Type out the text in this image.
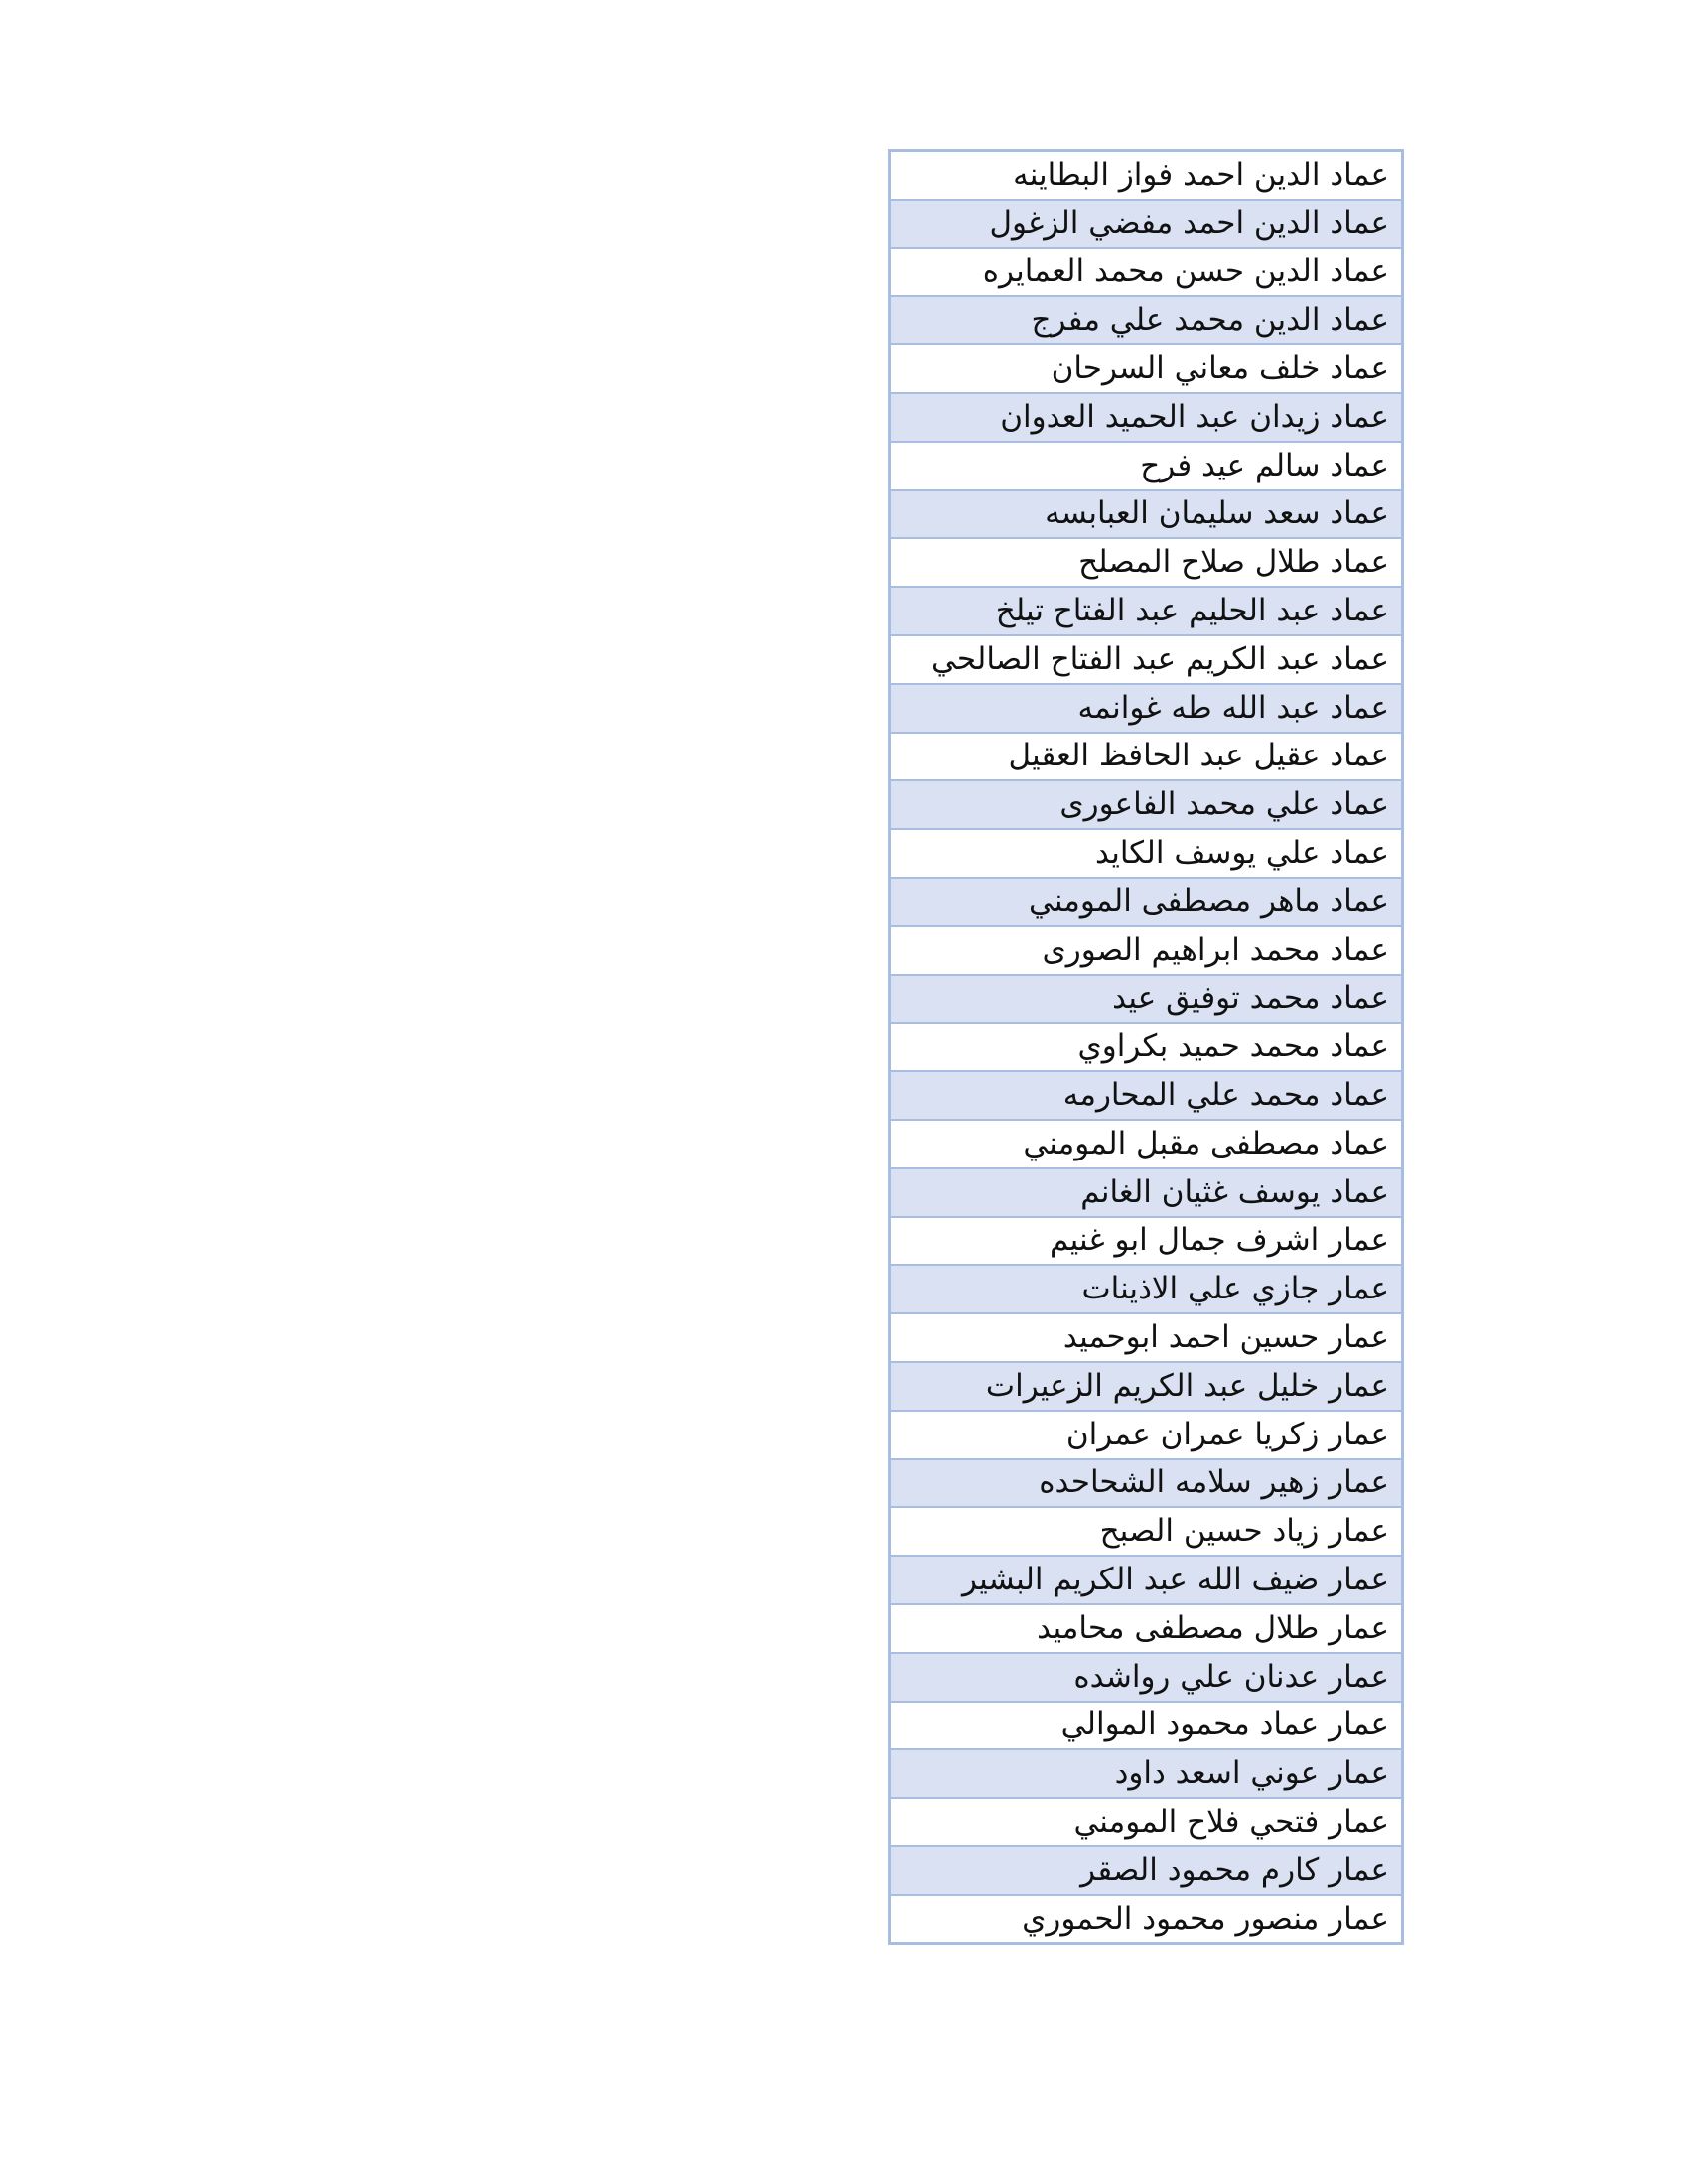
عماد الدين احمد فواز البطاينه
عماد الدين احمد مفضي الزغول
عماد الدين حسن محمد العمايره
عماد الدين محمد علي مفرج
عماد خلف معاني السرحان
عماد زيدان عبد الحميد العدوان
عماد سالم عيد فرح
عماد سعد سليمان العبابسه
عماد طلال صلاح المصلح
عماد عبد الحليم عبد الفتاح تيلخ
عماد عبد الكريم عبد الفتاح الصالحي
عماد عبد الله طه غوانمه
عماد عقيل عبد الحافظ العقيل
عماد علي محمد الفاعورى
عماد علي يوسف الكايد
عماد ماهر مصطفى المومني
عماد محمد ابراهيم الصورى
عماد محمد توفيق عيد
عماد محمد حميد بكراوي
عماد محمد علي المحارمه
عماد مصطفى مقبل المومني
عماد يوسف غثيان الغانم
عمار اشرف جمال ابو غنيم
عمار جازي علي الاذينات
عمار حسين احمد ابوحميد
عمار خليل عبد الكريم الزعيرات
عمار زكريا عمران عمران
عمار زهير سلامه الشحاحده
عمار زياد حسين الصبح
عمار ضيف الله عبد الكريم البشير
عمار طلال مصطفى محاميد
عمار عدنان علي رواشده
عمار عماد محمود الموالي
عمار عوني اسعد داود
عمار فتحي فلاح المومني
عمار كارم محمود الصقر
عمار منصور محمود الحموري
